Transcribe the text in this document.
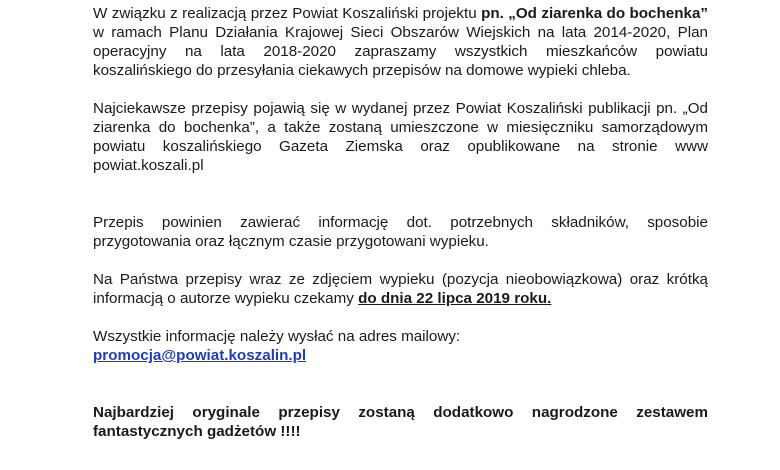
W związku z realizacją przez Powiat Koszaliński projektu pn. „Od ziarenka do bochenka” w ramach Planu Działania Krajowej Sieci Obszarów Wiejskich na lata 2014-2020, Plan operacyjny na lata 2018-2020 zapraszamy wszystkich mieszkańców powiatu koszalińskiego do przesyłania ciekawych przepisów na domowe wypieki chleba.

Najciekawsze przepisy pojawią się w wydanej przez Powiat Koszaliński publikacji pn. „Od ziarenka do bochenka”, a także zostaną umieszczone w miesięczniku samorządowym powiatu koszalińskiego Gazeta Ziemska oraz opublikowane na stronie www powiat.koszali.pl

Przepis powinien zawierać informację dot. potrzebnych składników, sposobie przygotowania oraz łącznym czasie przygotowani wypieku.

Na Państwa przepisy wraz ze zdjęciem wypieku (pozycja nieobowiązkowa) oraz krótką informacją o autorze wypieku czekamy do dnia 22 lipca 2019 roku.

Wszystkie informację należy wysłać na adres mailowy:
promocja@powiat.koszalin.pl

Najbardziej oryginale przepisy zostaną dodatkowo nagrodzone zestawem fantastycznych gadżetów !!!!
